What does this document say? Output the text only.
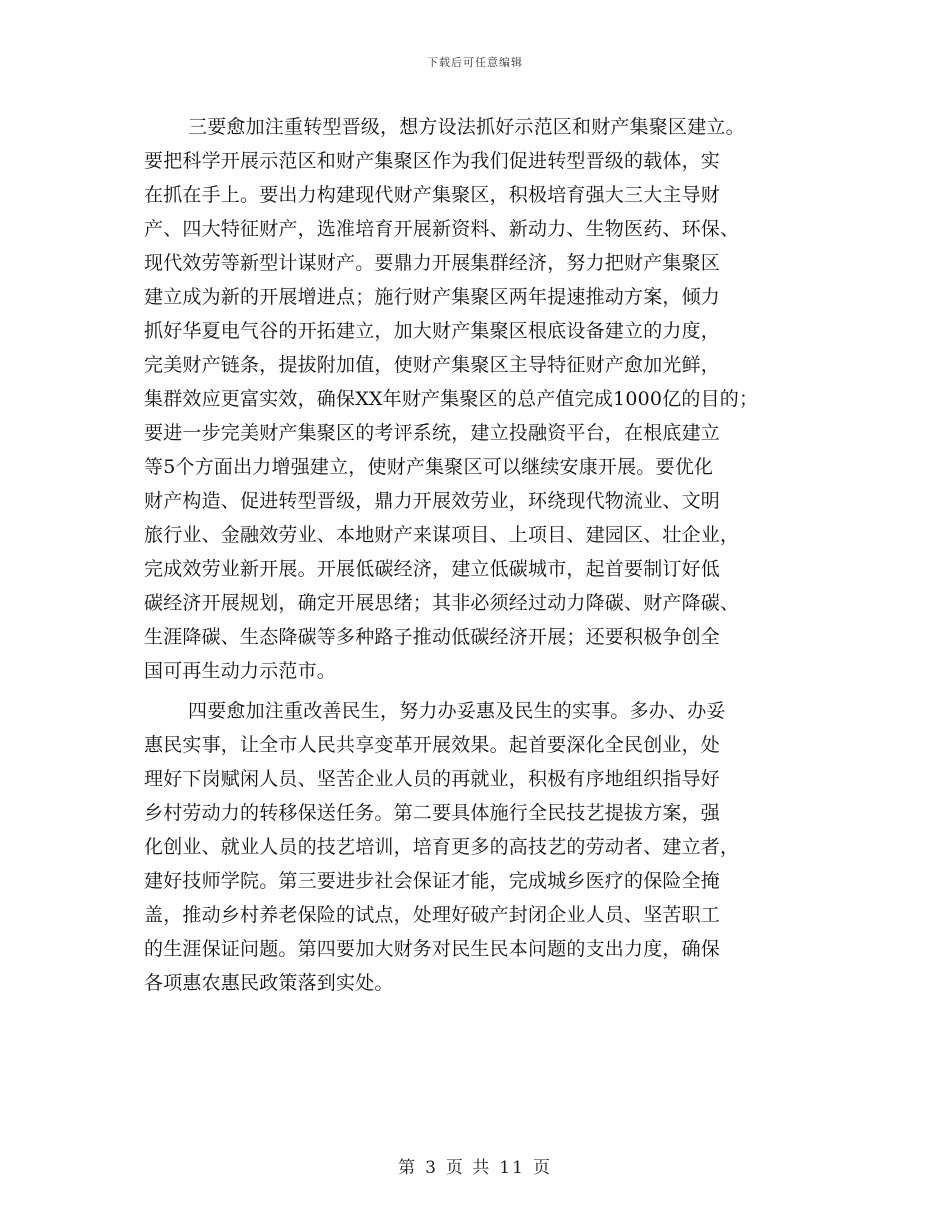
下载后可任意编辑
三要愈加注重转型晋级，想方设法抓好示范区和财产集聚区建立。
要把科学开展示范区和财产集聚区作为我们促进转型晋级的载体，实
在抓在手上。要出力构建现代财产集聚区，积极培育强大三大主导财
产、四大特征财产，选准培育开展新资料、新动力、生物医药、环保、
现代效劳等新型计谋财产。要鼎力开展集群经济，努力把财产集聚区
建立成为新的开展增进点；施行财产集聚区两年提速推动方案，倾力
抓好华夏电气谷的开拓建立，加大财产集聚区根底设备建立的力度，
完美财产链条，提拔附加值，使财产集聚区主导特征财产愈加光鲜，
集群效应更富实效，确保XX年财产集聚区的总产值完成1000亿的目的；
要进一步完美财产集聚区的考评系统，建立投融资平台，在根底建立
等5个方面出力增强建立，使财产集聚区可以继续安康开展。要优化
财产构造、促进转型晋级，鼎力开展效劳业，环绕现代物流业、文明
旅行业、金融效劳业、本地财产来谋项目、上项目、建园区、壮企业，
完成效劳业新开展。开展低碳经济，建立低碳城市，起首要制订好低
碳经济开展规划，确定开展思绪；其非必须经过动力降碳、财产降碳、
生涯降碳、生态降碳等多种路子推动低碳经济开展；还要积极争创全
国可再生动力示范市。
四要愈加注重改善民生，努力办妥惠及民生的实事。多办、办妥
惠民实事，让全市人民共享变革开展效果。起首要深化全民创业，处
理好下岗赋闲人员、坚苦企业人员的再就业，积极有序地组织指导好
乡村劳动力的转移保送任务。第二要具体施行全民技艺提拔方案，强
化创业、就业人员的技艺培训，培育更多的高技艺的劳动者、建立者，
建好技师学院。第三要进步社会保证才能，完成城乡医疗的保险全掩
盖，推动乡村养老保险的试点，处理好破产封闭企业人员、坚苦职工
的生涯保证问题。第四要加大财务对民生民本问题的支出力度，确保
各项惠农惠民政策落到实处。
第 3 页 共 11 页
